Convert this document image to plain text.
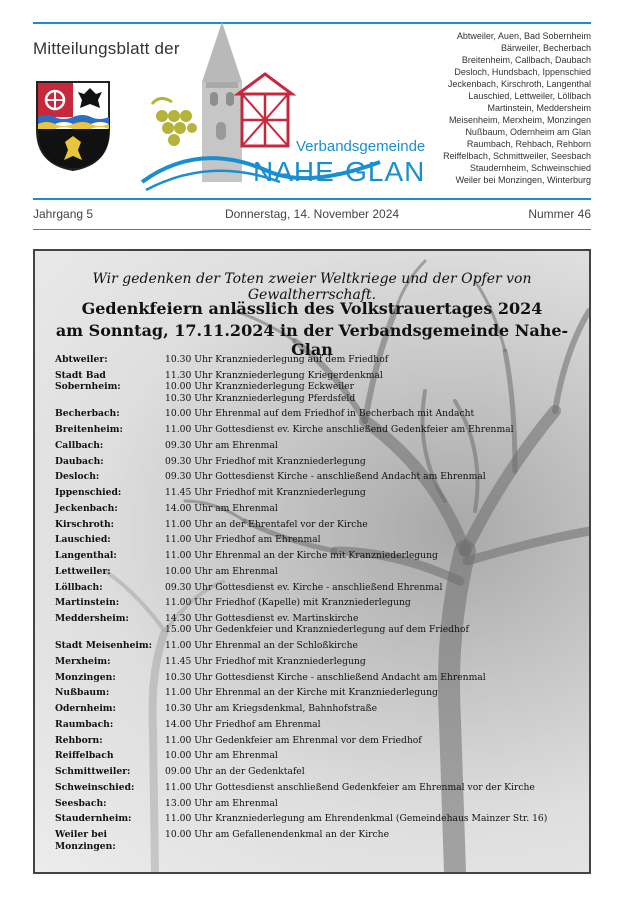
Mitteilungsblatt der
Verbandsgemeinde
NAHE-GLAN
Abtweiler, Auen, Bad Sobernheim
Bärweiler, Becherbach
Breitenheim, Callbach, Daubach
Desloch, Hundsbach, Ippenschied
Jeckenbach, Kirschroth, Langenthal
Lauschied, Lettweiler, Löllbach
Martinstein, Meddersheim
Meisenheim, Merxheim, Monzingen
Nußbaum, Odernheim am Glan
Raumbach, Rehbach, Rehborn
Reiffelbach, Schmittweiler, Seesbach
Staudernheim, Schweinschied
Weiler bei Monzingen, Winterburg
Jahrgang 5	Donnerstag, 14. November 2024	Nummer 46
Wir gedenken der Toten zweier Weltkriege und der Opfer von Gewaltherrschaft.
Gedenkfeiern anlässlich des Volkstrauertages 2024
am Sonntag, 17.11.2024 in der Verbandsgemeinde Nahe-Glan
Abtweiler:	10.30 Uhr Kranzniederlegung auf dem Friedhof
Stadt Bad Sobernheim:
11.30 Uhr Kranzniederlegung Kriegerdenkmal
10.00 Uhr Kranzniederlegung Eckweiler
10.30 Uhr Kranzniederlegung Pferdsfeld
Becherbach:	10.00 Uhr Ehrenmal auf dem Friedhof in Becherbach mit Andacht
Breitenheim:	11.00 Uhr Gottesdienst ev. Kirche anschließend Gedenkfeier am Ehrenmal
Callbach:	09.30 Uhr am Ehrenmal
Daubach:	09.30 Uhr Friedhof mit Kranzniederlegung
Desloch:	09.30 Uhr Gottesdienst Kirche - anschließend Andacht am Ehrenmal
Ippenschied:	11.45 Uhr Friedhof mit Kranzniederlegung
Jeckenbach:	14.00 Uhr am Ehrenmal
Kirschroth:	11.00 Uhr an der Ehrentafel vor der Kirche
Lauschied:	11.00 Uhr Friedhof am Ehrenmal
Langenthal:	11.00 Uhr Ehrenmal an der Kirche mit Kranzniederlegung
Lettweiler:	10.00 Uhr am Ehrenmal
Löllbach:	09.30 Uhr Gottesdienst ev. Kirche - anschließend Ehrenmal
Martinstein:	11.00 Uhr Friedhof (Kapelle) mit Kranzniederlegung
Meddersheim:	14.30 Uhr Gottesdienst ev. Martinskirche
15.00 Uhr Gedenkfeier und Kranzniederlegung auf dem Friedhof
Stadt Meisenheim:	11.00 Uhr Ehrenmal an der Schloßkirche
Merxheim:	11.45 Uhr Friedhof mit Kranzniederlegung
Monzingen:	10.30 Uhr Gottesdienst Kirche - anschließend Andacht am Ehrenmal
Nußbaum:	11.00 Uhr Ehrenmal an der Kirche mit Kranzniederlegung
Odernheim:	10.30 Uhr am Kriegsdenkmal, Bahnhofstraße
Raumbach:	14.00 Uhr Friedhof am Ehrenmal
Rehborn:	11.00 Uhr Gedenkfeier am Ehrenmal vor dem Friedhof
Reiffelbach	10.00 Uhr am Ehrenmal
Schmittweiler:	09.00 Uhr an der Gedenktafel
Schweinschied:	11.00 Uhr Gottesdienst anschließend Gedenkfeier am Ehrenmal vor der Kirche
Seesbach:	13.00 Uhr am Ehrenmal
Staudernheim:	11.00 Uhr Kranzniederlegung am Ehrendenkmal (Gemeindehaus Mainzer Str. 16)
Weiler bei Monzingen:
10.00 Uhr am Gefallenendenkmal an der Kirche
